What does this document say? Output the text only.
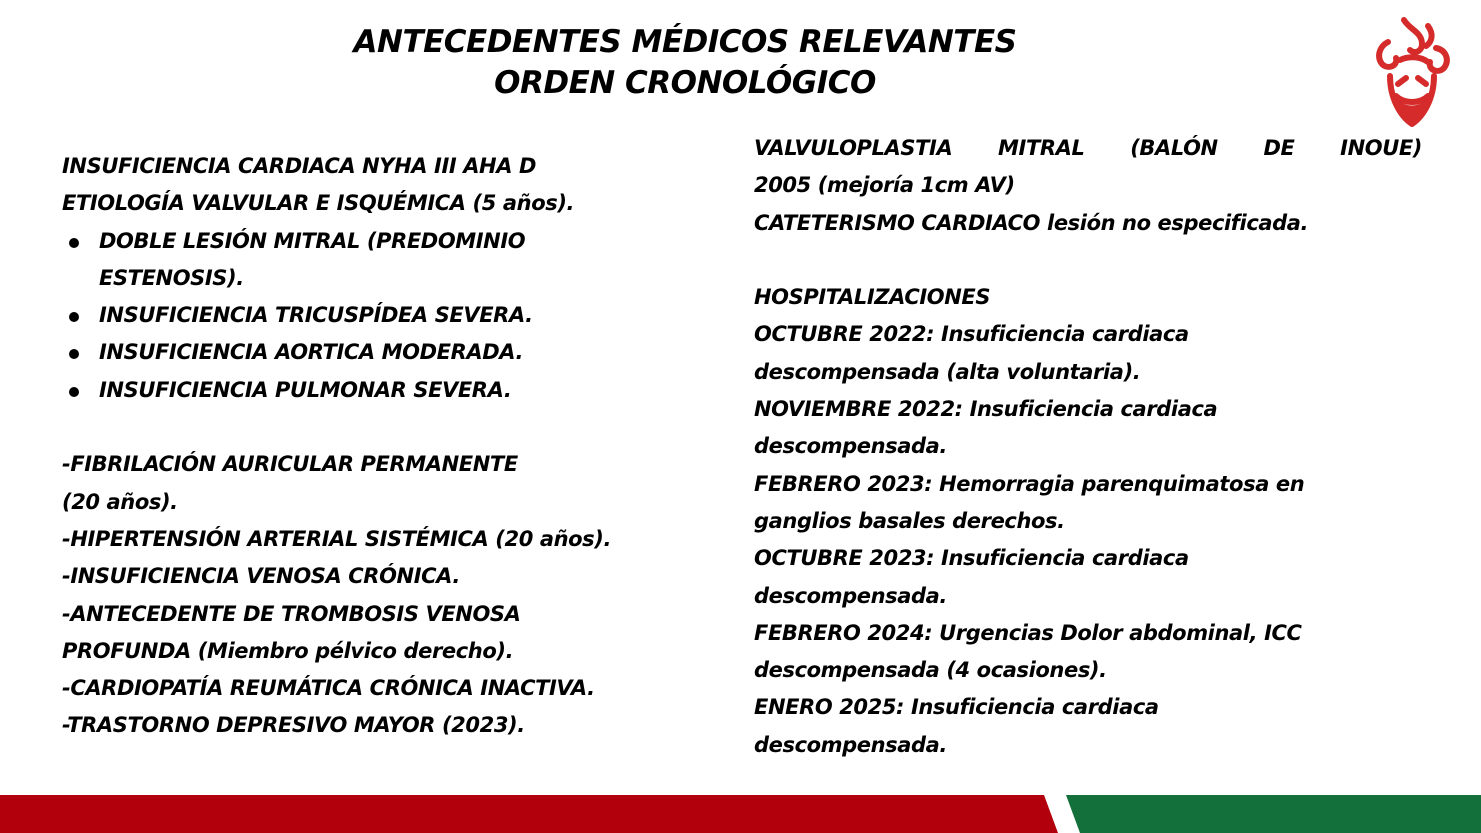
ANTECEDENTES MÉDICOS RELEVANTES
ORDEN CRONOLÓGICO
INSUFICIENCIA CARDIACA NYHA III AHA D
ETIOLOGÍA VALVULAR E ISQUÉMICA (5 años).
DOBLE LESIÓN MITRAL (PREDOMINIO
ESTENOSIS).
INSUFICIENCIA TRICUSPÍDEA SEVERA.
INSUFICIENCIA AORTICA MODERADA.
INSUFICIENCIA PULMONAR SEVERA.
-FIBRILACIÓN AURICULAR PERMANENTE
(20 años).
-HIPERTENSIÓN ARTERIAL SISTÉMICA (20 años).
-INSUFICIENCIA VENOSA CRÓNICA.
-ANTECEDENTE DE TROMBOSIS VENOSA
PROFUNDA (Miembro pélvico derecho).
-CARDIOPATÍA REUMÁTICA CRÓNICA INACTIVA.
-TRASTORNO DEPRESIVO MAYOR (2023).
VALVULOPLASTIA MITRAL (BALÓN DE INOUE)
2005 (mejoría 1cm AV)
CATETERISMO CARDIACO lesión no especificada.
HOSPITALIZACIONES
OCTUBRE 2022: Insuficiencia cardiaca
descompensada (alta voluntaria).
NOVIEMBRE 2022: Insuficiencia cardiaca
descompensada.
FEBRERO 2023: Hemorragia parenquimatosa en
ganglios basales derechos.
OCTUBRE 2023: Insuficiencia cardiaca
descompensada.
FEBRERO 2024: Urgencias Dolor abdominal, ICC
descompensada (4 ocasiones).
ENERO 2025: Insuficiencia cardiaca
descompensada.
